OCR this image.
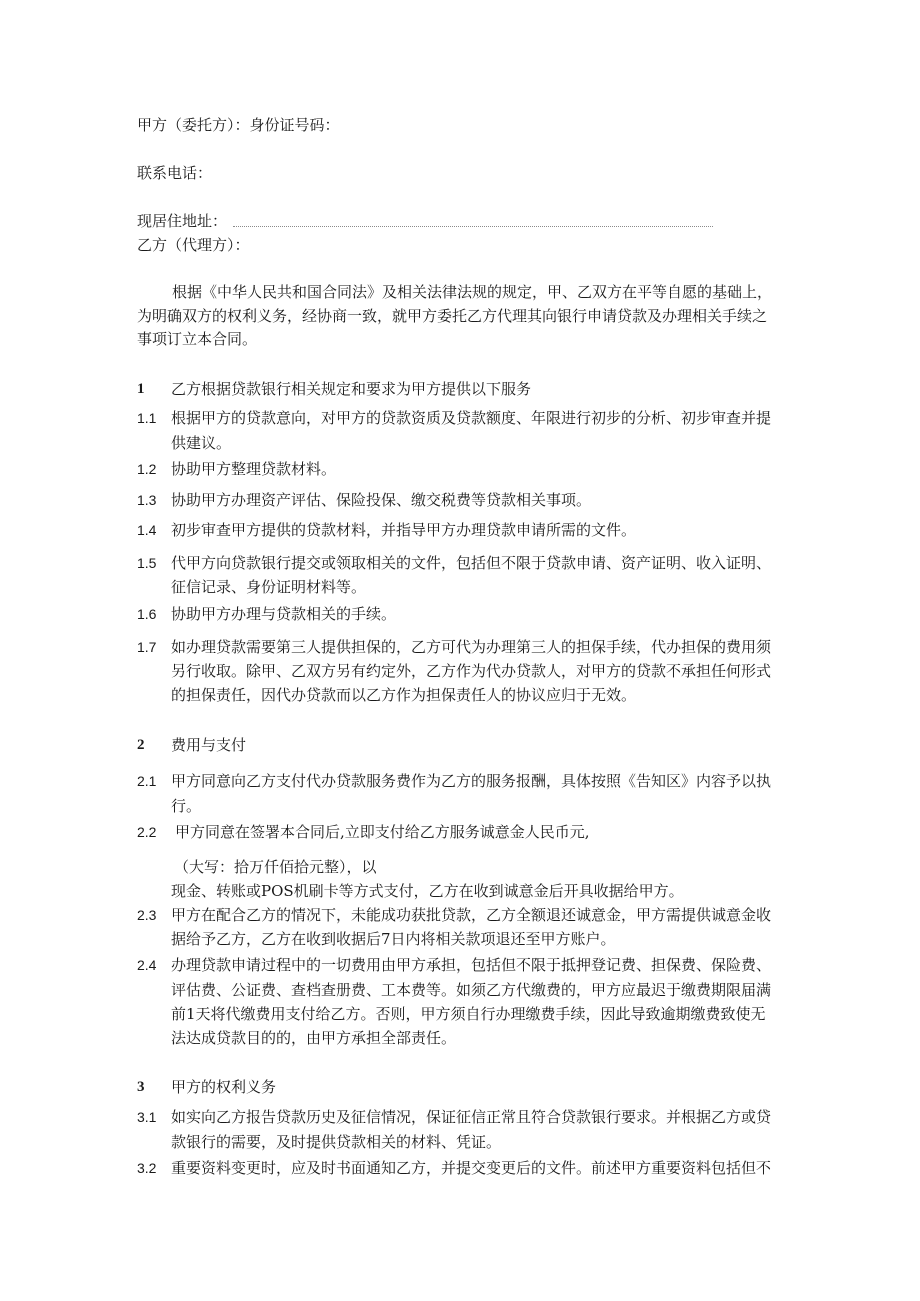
甲方（委托方）：身份证号码：
联系电话：
现居住地址：
乙方（代理方）：
根据《中华人民共和国合同法》及相关法律法规的规定，甲、乙双方在平等自愿的基础上，
为明确双方的权利义务，经协商一致，就甲方委托乙方代理其向银行申请贷款及办理相关手续之
事项订立本合同。
1 乙方根据贷款银行相关规定和要求为甲方提供以下服务
1.1 根据甲方的贷款意向，对甲方的贷款资质及贷款额度、年限进行初步的分析、初步审查并提
供建议。
1.2 协助甲方整理贷款材料。
1.3 协助甲方办理资产评估、保险投保、缴交税费等贷款相关事项。
1.4 初步审查甲方提供的贷款材料，并指导甲方办理贷款申请所需的文件。
1.5 代甲方向贷款银行提交或领取相关的文件，包括但不限于贷款申请、资产证明、收入证明、
征信记录、身份证明材料等。
1.6 协助甲方办理与贷款相关的手续。
1.7 如办理贷款需要第三人提供担保的，乙方可代为办理第三人的担保手续，代办担保的费用须
另行收取。除甲、乙双方另有约定外，乙方作为代办贷款人，对甲方的贷款不承担任何形式
的担保责任，因代办贷款而以乙方作为担保责任人的协议应归于无效。
2 费用与支付
2.1 甲方同意向乙方支付代办贷款服务费作为乙方的服务报酬，具体按照《告知区》内容予以执
行。
2.2 甲方同意在签署本合同后,立即支付给乙方服务诚意金人民币元,
（大写：拾万仟佰拾元整），以
现金、转账或POS机刷卡等方式支付，乙方在收到诚意金后开具收据给甲方。
2.3 甲方在配合乙方的情况下，未能成功获批贷款，乙方全额退还诚意金，甲方需提供诚意金收
据给予乙方，乙方在收到收据后7日内将相关款项退还至甲方账户。
2.4 办理贷款申请过程中的一切费用由甲方承担，包括但不限于抵押登记费、担保费、保险费、
评估费、公证费、查档查册费、工本费等。如须乙方代缴费的，甲方应最迟于缴费期限届满
前1天将代缴费用支付给乙方。否则，甲方须自行办理缴费手续，因此导致逾期缴费致使无
法达成贷款目的的，由甲方承担全部责任。
3 甲方的权利义务
3.1 如实向乙方报告贷款历史及征信情况，保证征信正常且符合贷款银行要求。并根据乙方或贷
款银行的需要，及时提供贷款相关的材料、凭证。
3.2 重要资料变更时，应及时书面通知乙方，并提交变更后的文件。前述甲方重要资料包括但不
